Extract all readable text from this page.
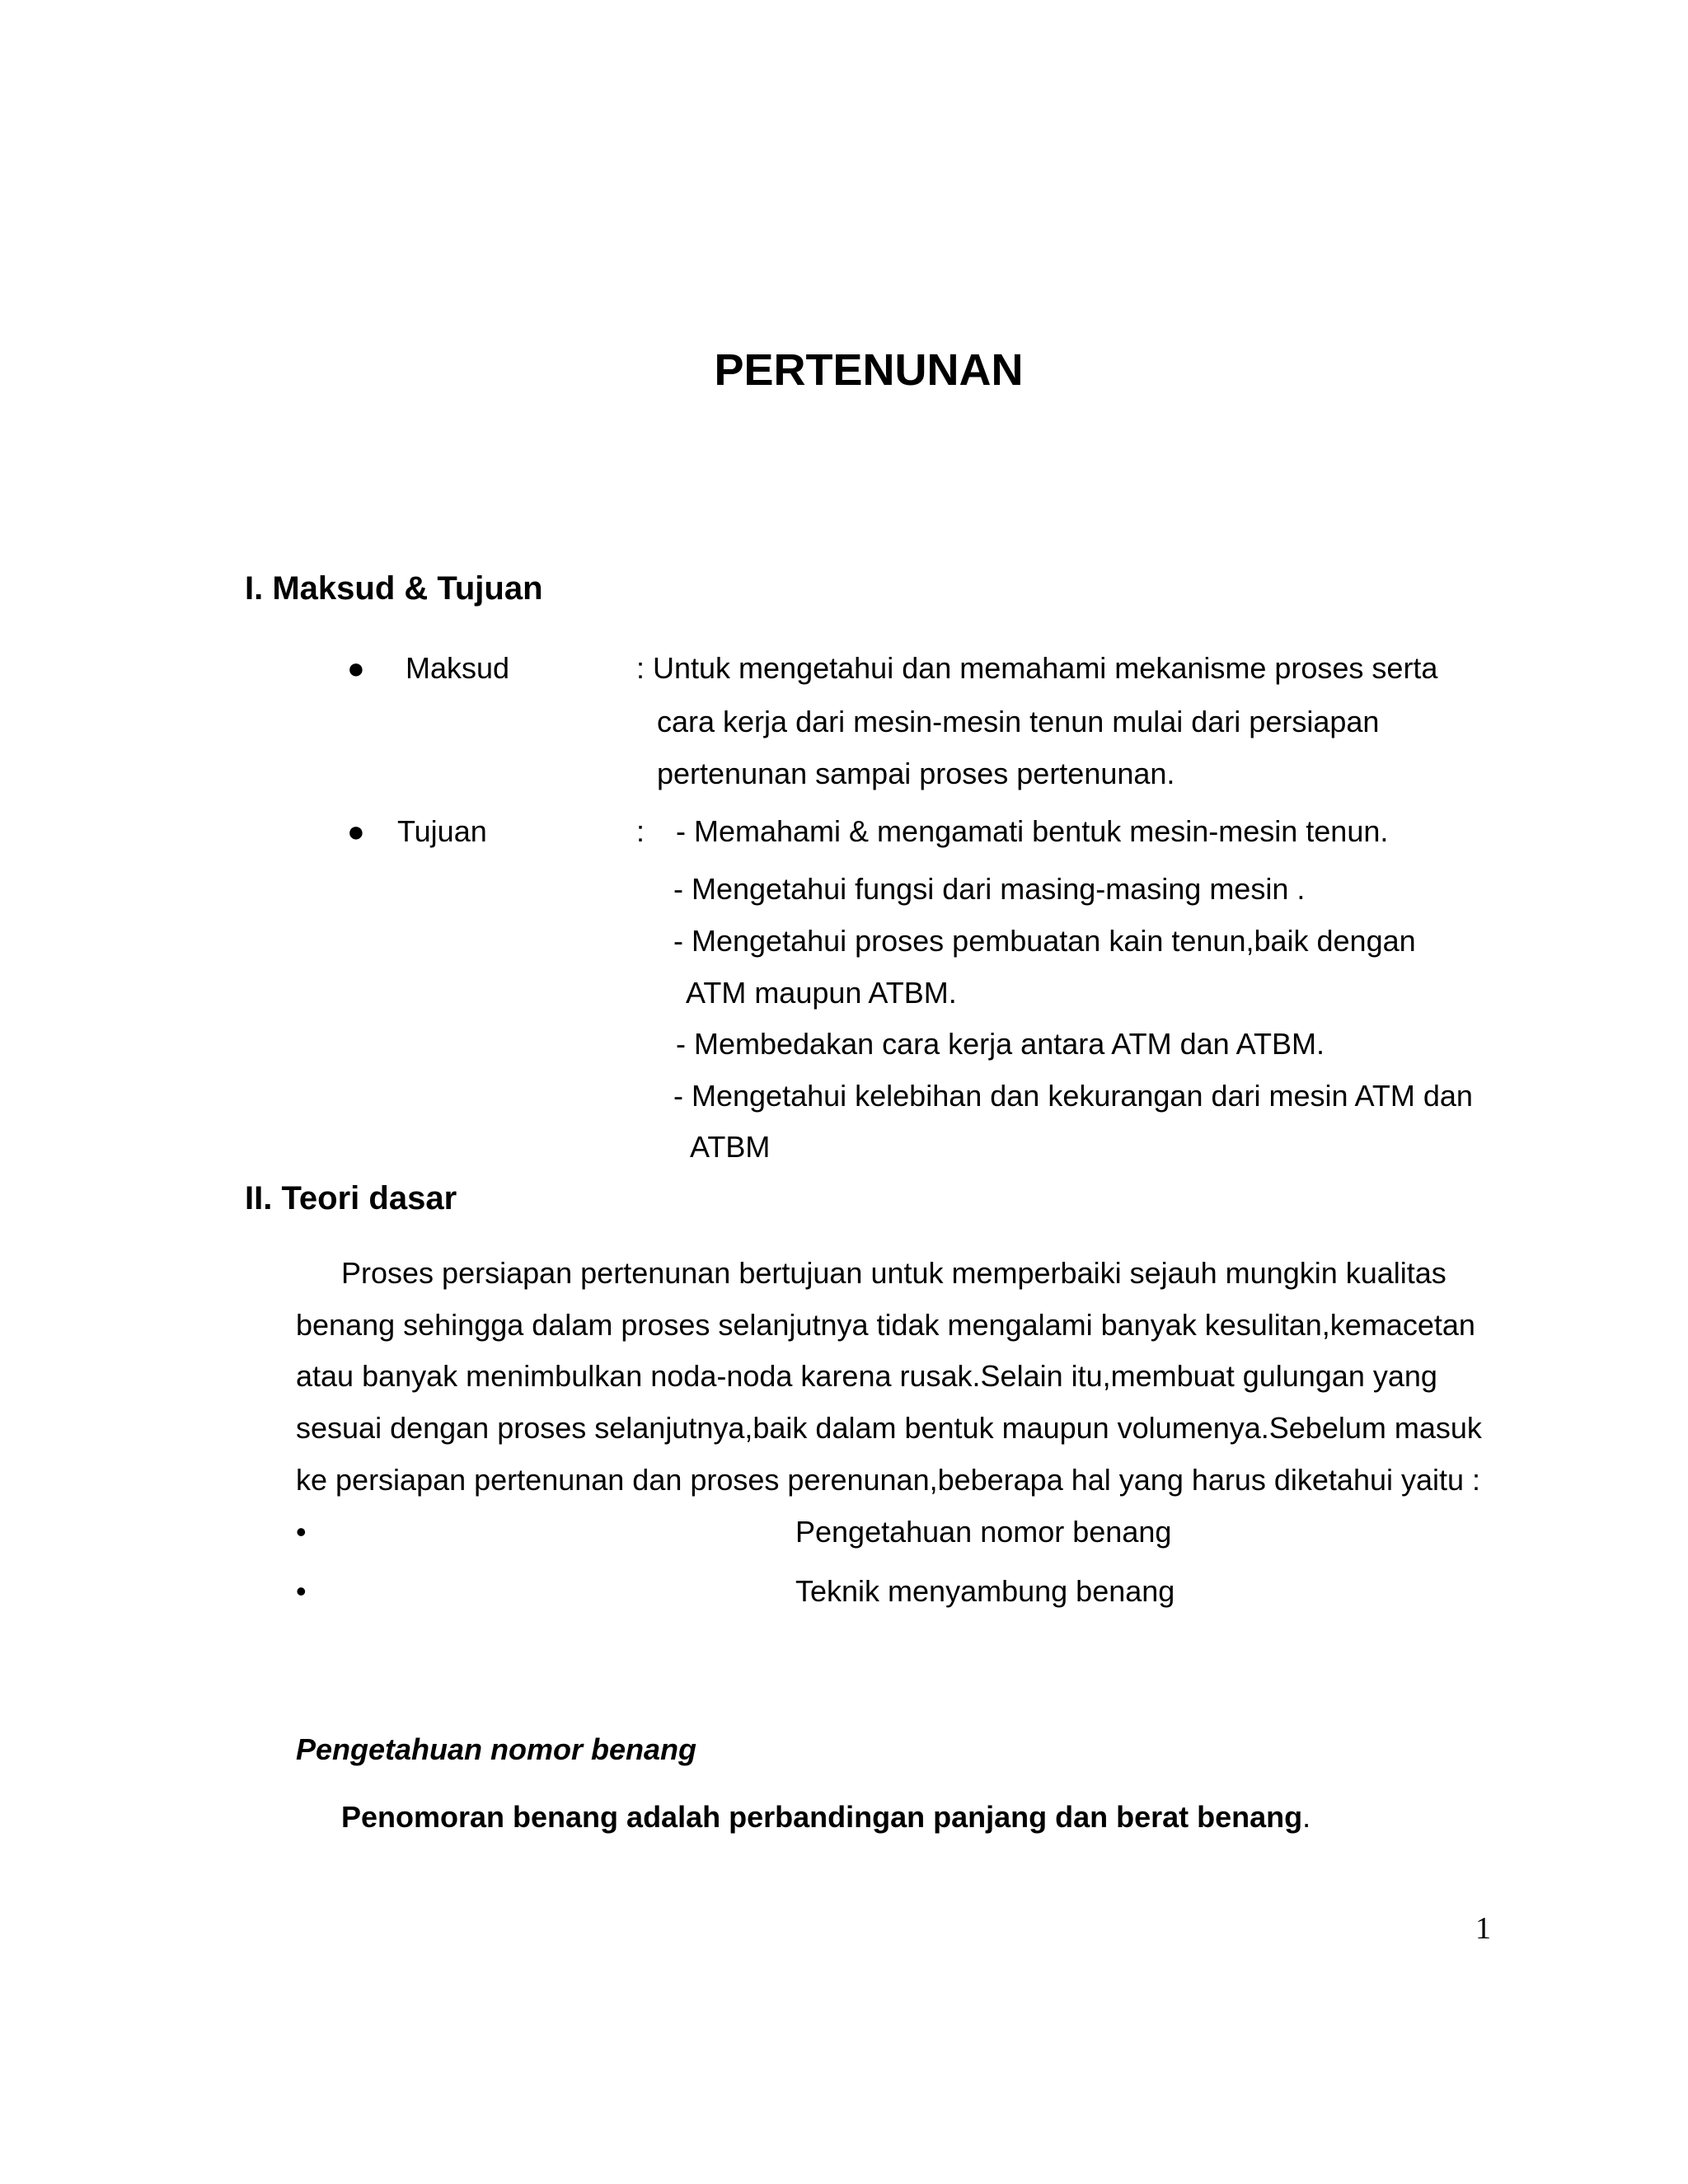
PERTENUNAN
I. Maksud & Tujuan
● Maksud	: Untuk mengetahui dan memahami mekanisme proses serta
cara kerja dari mesin-mesin tenun mulai dari persiapan
pertenunan sampai proses pertenunan.
● Tujuan	: - Memahami & mengamati bentuk mesin-mesin tenun.
- Mengetahui fungsi dari masing-masing mesin .
- Mengetahui proses pembuatan kain tenun,baik dengan
ATM maupun ATBM.
- Membedakan cara kerja antara ATM dan ATBM.
- Mengetahui kelebihan dan kekurangan dari mesin ATM dan
ATBM
II. Teori dasar
Proses persiapan pertenunan bertujuan untuk memperbaiki sejauh mungkin kualitas
benang sehingga dalam proses selanjutnya tidak mengalami banyak kesulitan,kemacetan
atau banyak menimbulkan noda-noda karena rusak.Selain itu,membuat gulungan yang
sesuai dengan proses selanjutnya,baik dalam bentuk maupun volumenya.Sebelum masuk
ke persiapan pertenunan dan proses perenunan,beberapa hal yang harus diketahui yaitu :
•	Pengetahuan nomor benang
•	Teknik menyambung benang
Pengetahuan nomor benang
Penomoran benang adalah perbandingan panjang dan berat benang.
1
